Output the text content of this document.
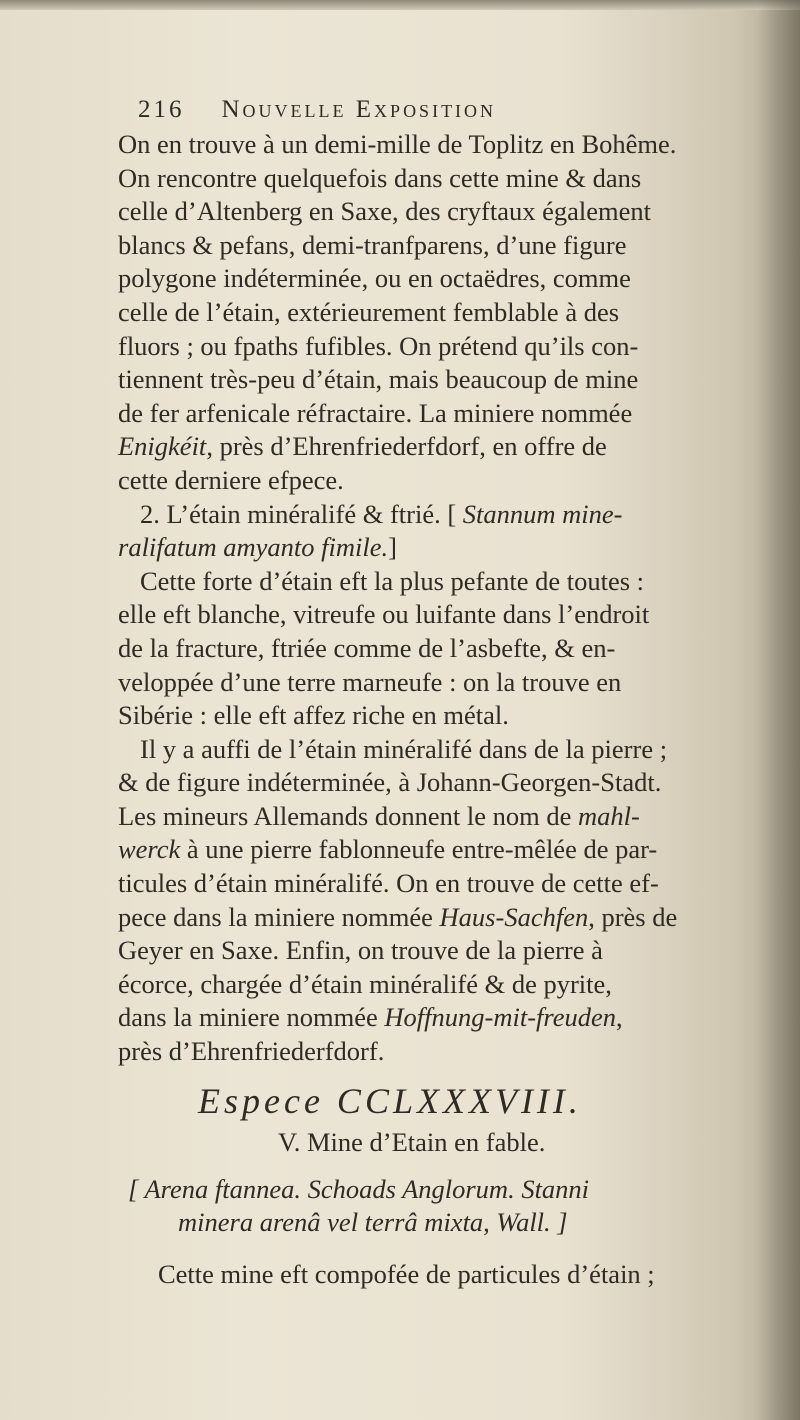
216 Nouvelle Exposition
On en trouve à un demi-mille de Toplitz en Bohême.
On rencontre quelquefois dans cette mine & dans
celle d’Altenberg en Saxe, des cryftaux également
blancs & pefans, demi-tranfparens, d’une figure
polygone indéterminée, ou en octaëdres, comme
celle de l’étain, extérieurement femblable à des
fluors ; ou fpaths fufibles. On prétend qu’ils con-
tiennent très-peu d’étain, mais beaucoup de mine
de fer arfenicale réfractaire. La miniere nommée
Enigkéit, près d’Ehrenfriederfdorf, en offre de
cette derniere efpece.
2. L’étain minéralifé & ftrié. [ Stannum mine-
ralifatum amyanto fimile.]
Cette forte d’étain eft la plus pefante de toutes :
elle eft blanche, vitreufe ou luifante dans l’endroit
de la fracture, ftriée comme de l’asbefte, & en-
veloppée d’une terre marneufe : on la trouve en
Sibérie : elle eft affez riche en métal.
Il y a auffi de l’étain minéralifé dans de la pierre ;
& de figure indéterminée, à Johann-Georgen-Stadt.
Les mineurs Allemands donnent le nom de mahl-
werck à une pierre fablonneufe entre-mêlée de par-
ticules d’étain minéralifé. On en trouve de cette ef-
pece dans la miniere nommée Haus-Sachfen, près de
Geyer en Saxe. Enfin, on trouve de la pierre à
écorce, chargée d’étain minéralifé & de pyrite,
dans la miniere nommée Hoffnung-mit-freuden,
près d’Ehrenfriederfdorf.
Espece CCLXXXVIII.
V. Mine d’Etain en fable.
[ Arena ftannea. Schoads Anglorum. Stanni
minera arenâ vel terrâ mixta, Wall. ]
Cette mine eft compofée de particules d’étain ;
